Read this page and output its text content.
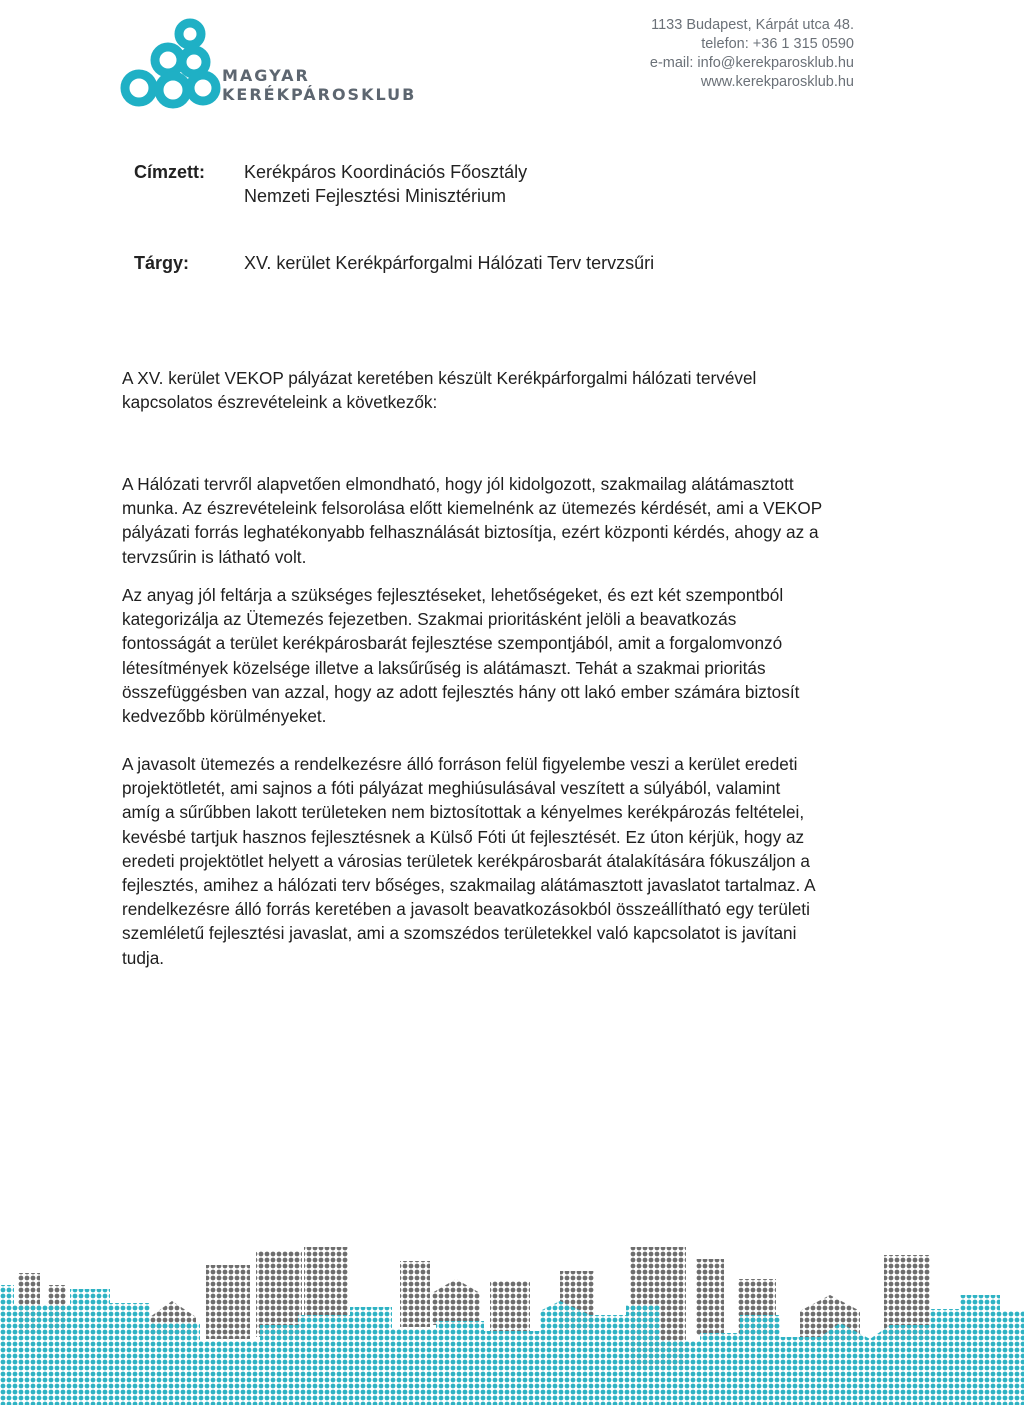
MAGYAR
KERÉKPÁROSKLUB
1133 Budapest, Kárpát utca 48.
telefon: +36 1 315 0590
e-mail: info@kerekparosklub.hu
www.kerekparosklub.hu
Címzett: Kerékpáros Koordinációs Főosztály
Nemzeti Fejlesztési Minisztérium
Tárgy:	XV. kerület Kerékpárforgalmi Hálózati Terv tervzsűri

A XV. kerület VEKOP pályázat keretében készült Kerékpárforgalmi hálózati tervével

kapcsolatos észrevételeink a következők:

A Hálózati tervről alapvetően elmondható, hogy jól kidolgozott, szakmailag alátámasztott

munka. Az észrevételeink felsorolása előtt kiemelnénk az ütemezés kérdését, ami a VEKOP

pályázati forrás leghatékonyabb felhasználását biztosítja, ezért központi kérdés, ahogy az a

tervzsűrin is látható volt.

Az anyag jól feltárja a szükséges fejlesztéseket, lehetőségeket, és ezt két szempontból

kategorizálja az Ütemezés fejezetben. Szakmai prioritásként jelöli a beavatkozás

fontosságát a terület kerékpárosbarát fejlesztése szempontjából, amit a forgalomvonzó

létesítmények közelsége illetve a laksűrűség is alátámaszt. Tehát a szakmai prioritás

összefüggésben van azzal, hogy az adott fejlesztés hány ott lakó ember számára biztosít

kedvezőbb körülményeket.

A javasolt ütemezés a rendelkezésre álló forráson felül figyelembe veszi a kerület eredeti

projektötletét, ami sajnos a fóti pályázat meghiúsulásával veszített a súlyából, valamint

amíg a sűrűbben lakott területeken nem biztosítottak a kényelmes kerékpározás feltételei,

kevésbé tartjuk hasznos fejlesztésnek a Külső Fóti út fejlesztését. Ez úton kérjük, hogy az

eredeti projektötlet helyett a városias területek kerékpárosbarát átalakítására fókuszáljon a

fejlesztés, amihez a hálózati terv bőséges, szakmailag alátámasztott javaslatot tartalmaz. A

rendelkezésre álló forrás keretében a javasolt beavatkozásokból összeállítható egy területi

szemléletű fejlesztési javaslat, ami a szomszédos területekkel való kapcsolatot is javítani

tudja.
